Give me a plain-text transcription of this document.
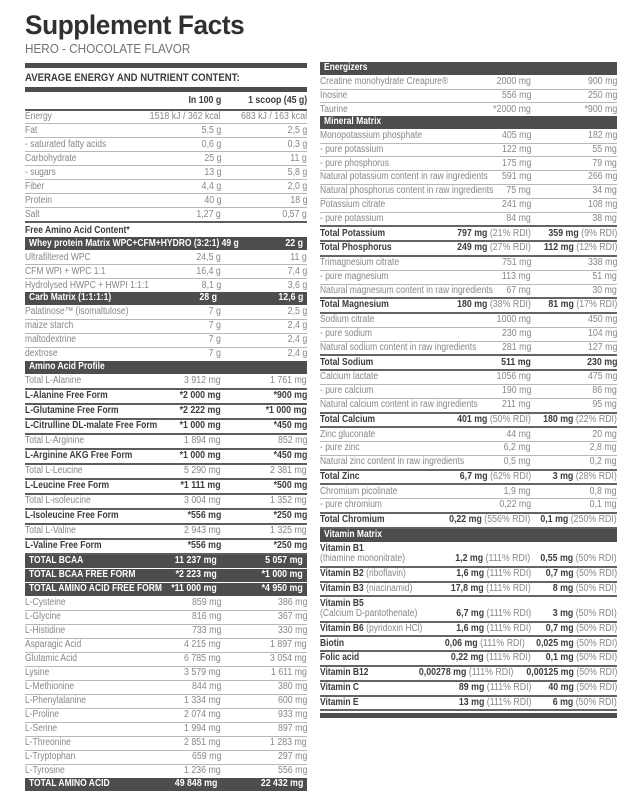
Supplement Facts
HERO - CHOCOLATE FLAVOR
AVERAGE ENERGY AND NUTRIENT CONTENT:
In 100 g	1 scoop (45 g)
Energy	1518 kJ / 362 kcal	683 kJ / 163 kcal
Fat	5,5 g	2,5 g
- saturated fatty acids	0,6 g	0,3 g
Carbohydrate	25 g	11 g
- sugars	13 g	5,8 g
Fiber	4,4 g	2,0 g
Protein	40 g	18 g
Salt	1,27 g	0,57 g
Free Amino Acid Content*
Whey protein Matrix WPC+CFM+HYDRO (3:2:1) 49 g	22 g
Ultrafiltered WPC	24,5 g	11 g
CFM WPI + WPC 1:1	16,4 g	7,4 g
Hydrolysed HWPC + HWPI 1:1:1	8,1 g	3,6 g
Carb Matrix (1:1:1:1)	28 g	12,6 g
Palatinose™ (isomaltulose)	7 g	2,5 g
maize starch	7 g	2,4 g
maltodextrine	7 g	2,4 g
dextrose	7 g	2,4 g
Amino Acid Profile
Total L-Alanine	3 912 mg	1 761 mg
L-Alanine Free Form	*2 000 mg	*900 mg
L-Glutamine Free Form	*2 222 mg	*1 000 mg
L-Citrulline DL-malate Free Form	*1 000 mg	*450 mg
Total L-Arginine	1 894 mg	852 mg
L-Arginine AKG Free Form	*1 000 mg	*450 mg
Total L-Leucine	5 290 mg	2 381 mg
L-Leucine Free Form	*1 111 mg	*500 mg
Total L-isoleucine	3 004 mg	1 352 mg
L-Isoleucine Free Form	*556 mg	*250 mg
Total L-Valine	2 943 mg	1 325 mg
L-Valine Free Form	*556 mg	*250 mg
TOTAL BCAA	11 237 mg	5 057 mg
TOTAL BCAA FREE FORM	*2 223 mg	*1 000 mg
TOTAL AMINO ACID FREE FORM *11 000 mg	*4 950 mg
L-Cysteine	859 mg	386 mg
L-Glycine	816 mg	367 mg
L-Histidine	733 mg	330 mg
Asparagic Acid	4 215 mg	1 897 mg
Glutamic Acid	6 785 mg	3 054 mg
Lysine	3 579 mg	1 611 mg
L-Methionine	844 mg	380 mg
L-Phenylalanine	1 334 mg	600 mg
L-Proline	2 074 mg	933 mg
L-Serine	1 994 mg	897 mg
L-Threonine	2 851 mg	1 283 mg
L-Tryptophan	659 mg	297 mg
L-Tyrosine	1 236 mg	556 mg
TOTAL AMINO ACID	49 848 mg	22 432 mg
Energizers
Creatine monohydrate Creapure®	2000 mg	900 mg
Inosine	556 mg	250 mg
Taurine	*2000 mg	*900 mg
Mineral Matrix
Monopotassium phosphate	405 mg	182 mg
- pure potassium	122 mg	55 mg
- pure phosphorus	175 mg	79 mg
Natural potassium content in raw ingredients	591 mg	266 mg
Natural phosphorus content in raw ingredients	75 mg	34 mg
Potassium citrate	241 mg	108 mg
- pure potassium	84 mg	38 mg
Total Potassium	797 mg (21% RDI)	359 mg (9% RDI)
Total Phosphorus	249 mg (27% RDI)	112 mg (12% RDI)
Trimagnesium citrate	751 mg	338 mg
- pure magnesium	113 mg	51 mg
Natural magnesium content in raw ingredients	67 mg	30 mg
Total Magnesium	180 mg (38% RDI)	81 mg (17% RDI)
Sodium citrate	1000 mg	450 mg
- pure sodium	230 mg	104 mg
Natural sodium content in raw ingredients	281 mg	127 mg
Total Sodium	511 mg	230 mg
Calcium lactate	1056 mg	475 mg
- pure calcium	190 mg	86 mg
Natural calcium content in raw ingredients	211 mg	95 mg
Total Calcium	401 mg (50% RDI)	180 mg (22% RDI)
Zinc gluconate	44 mg	20 mg
- pure zinc	6,2 mg	2,8 mg
Natural zinc content in raw ingredients	0,5 mg	0,2 mg
Total Zinc	6,7 mg (62% RDI)	3 mg (28% RDI)
Chromium picolinate	1,9 mg	0,8 mg
- pure chromium	0,22 mg	0,1 mg
Total Chromium	0,22 mg (556% RDI)	0,1 mg (250% RDI)
Vitamin Matrix
Vitamin B1
(thiamine mononitrate)	1,2 mg (111% RDI)	0,55 mg (50% RDI)
Vitamin B2 (riboflavin)	1,6 mg (111% RDI)	0,7 mg (50% RDI)
Vitamin B3 (niacinamid)	17,8 mg (111% RDI)	8 mg (50% RDI)
Vitamin B5
(Calcium D-pantothenate)	6,7 mg (111% RDI)	3 mg (50% RDI)
Vitamin B6 (pyridoxin HCl)	1,6 mg (111% RDI)	0,7 mg (50% RDI)
Biotin	0,06 mg (111% RDI)	0,025 mg (50% RDI)
Folic acid	0,22 mg (111% RDI)	0,1 mg (50% RDI)
Vitamin B12	0,00278 mg (111% RDI)	0,00125 mg (50% RDI)
Vitamin C	89 mg (111% RDI)	40 mg (50% RDI)
Vitamin E	13 mg (111% RDI)	6 mg (50% RDI)
